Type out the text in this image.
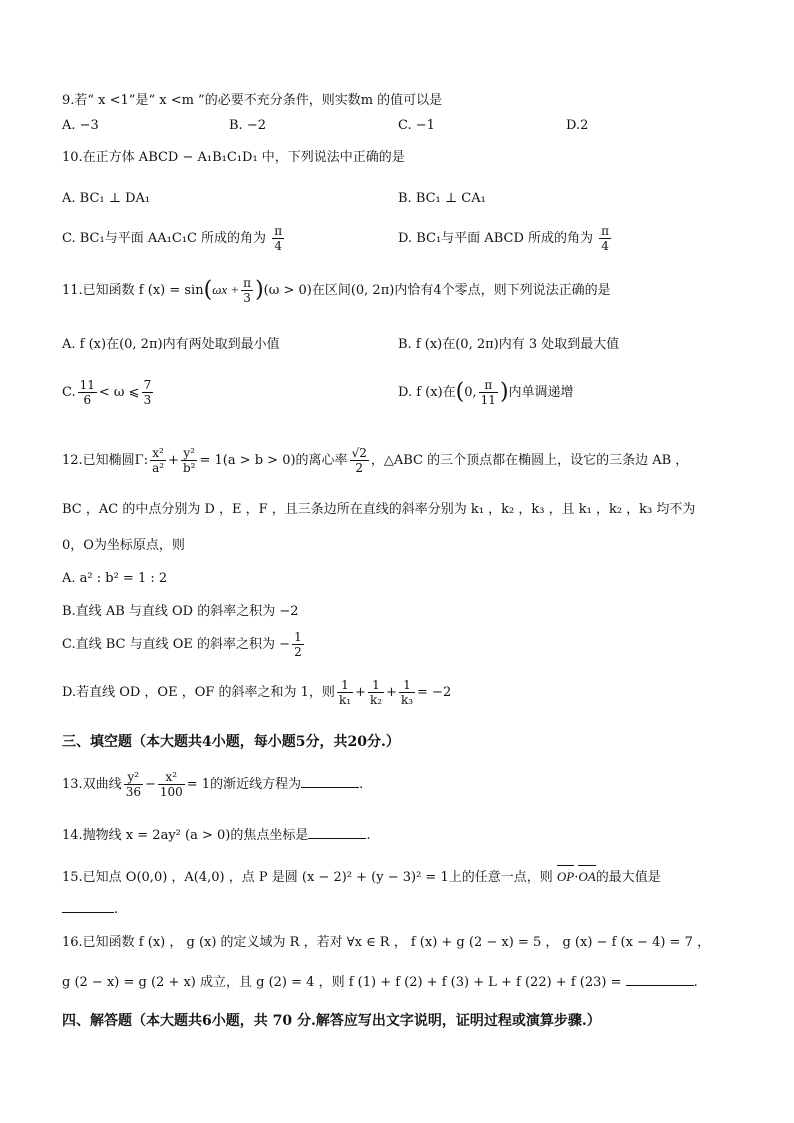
9.若“ x <1”是“ x <m ”的必要不充分条件，则实数m 的值可以是
A. −3	B. −2	C. −1	D.2
10.在正方体 ABCD − A₁B₁C₁D₁ 中，下列说法中正确的是
A. BC₁ ⊥ DA₁	B. BC₁ ⊥ CA₁
C. BC₁与平面 AA₁C₁C 所成的角为 $\frac{\pi}{4}$	D. BC₁与平面 ABCD 所成的角为 $\frac{\pi}{4}$
11.已知函数 f $(x) = \sin(\omega x + \frac{\pi}{3} )(\omega > 0)$在区间(0, 2π)内恰有4个零点，则下列说法正确的是
A. f (x)在(0, 2π)内有两处取到最小值	B. f (x)在(0, 2π)内有 3 处取到最大值
C. $\frac{11}{6} < \omega$ ⩽ $\frac{7}{3}$	D. f (x)在(0, $\frac{\pi}{11}$ )内单调递增
12.已知椭圆Γ: $\frac{\text{x²}}{\text{a²}} + \frac{\text{y²}}{\text{b²}} = 1(a > b > 0)$的离心率 $\frac{√2}{2}$ ，△ABC 的三个顶点都在椭圆上，设它的三条边 AB ，
BC ，AC 的中点分别为 D ，E ，F ，且三条边所在直线的斜率分别为 k₁ ，k₂ ，k₃ ，且 k₁ ，k₂ ，k₃ 均不为
0，O为坐标原点，则
A. a² : b² = 1 : 2
B.直线 AB 与直线 OD 的斜率之积为 −2
C.直线 BC 与直线 OE 的斜率之积为 − $\frac{1}{2}$
D.若直线 OD ，OE ，OF 的斜率之和为 1，则 $\frac{1}{\text{k₁}} + \frac{1}{\text{k₂}} + \frac{1}{\text{k₃}} = -2$
三、填空题（本大题共4小题，每小题5分，共20分.）
13.双曲线 $\frac{\text{y²}}{36} - \frac{\text{x²}}{100} = 1$的渐近线方程为	.
14.抛物线 x = 2ay² (a > 0)的焦点坐标是	.
15.已知点 O(0,0) ，A(4,0) ，点 P 是圆 (x − 2)² + (y − 3)² = 1上的任意一点，则 OP·OA的最大值是
.
16.已知函数 f (x) ， g (x) 的定义域为 R ，若对 ∀x ∈ R ， f (x) + g (2 − x) = 5 ， g (x) − f (x − 4) = 7 ，
g (2 − x) = g (2 + x) 成立，且 g (2) = 4 ，则 f (1) + f (2) + f (3) + L + f (22) + f (23) =	.
四、解答题（本大题共6小题，共 70 分.解答应写出文字说明，证明过程或演算步骤.）
